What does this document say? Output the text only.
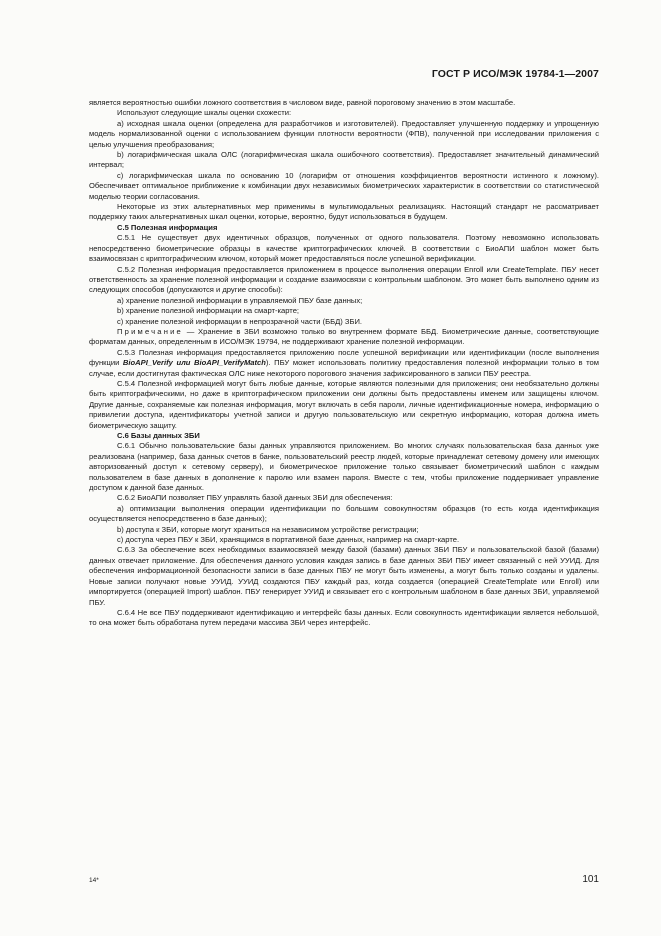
ГОСТ Р ИСО/МЭК 19784-1—2007

является вероятностью ошибки ложного соответствия в числовом виде, равной пороговому значению в этом масштабе.

Используют следующие шкалы оценки схожести:

а) исходная шкала оценки (определена для разработчиков и изготовителей). Предоставляет улучшенную поддержку и упрощенную модель нормализованной оценки с использованием функции плотности вероятности (ФПВ), полученной при исследовании приложения с целью улучшения преобразования;

b) логарифмическая шкала ОЛС (логарифмическая шкала ошибочного соответствия). Предоставляет значительный динамический интервал;

с) логарифмическая шкала по основанию 10 (логарифм от отношения коэффициентов вероятности истинного к ложному). Обеспечивает оптимальное приближение к комбинации двух независимых биометрических характеристик в соответствии со статистической моделью теории согласования.

Некоторые из этих альтернативных мер применимы в мультимодальных реализациях. Настоящий стандарт не рассматривает поддержку таких альтернативных шкал оценки, которые, вероятно, будут использоваться в будущем.

С.5 Полезная информация

С.5.1 Не существует двух идентичных образцов, полученных от одного пользователя. Поэтому невозможно использовать непосредственно биометрические образцы в качестве криптографических ключей. В соответствии с БиоАПИ шаблон может быть взаимосвязан с криптографическим ключом, который может предоставляться после успешной верификации.

С.5.2 Полезная информация предоставляется приложением в процессе выполнения операции Enroll или CreateTemplate. ПБУ несет ответственность за хранение полезной информации и создание взаимосвязи с контрольным шаблоном. Это может быть выполнено одним из следующих способов (допускаются и другие способы):

а) хранение полезной информации в управляемой ПБУ базе данных;

b) хранение полезной информации на смарт-карте;

с) хранение полезной информации в непрозрачной части (ББД) ЗБИ.

Примечание — Хранение в ЗБИ возможно только во внутреннем формате ББД. Биометрические данные, соответствующие форматам данных, определенным в ИСО/МЭК 19794, не поддерживают хранение полезной информации.

С.5.3 Полезная информация предоставляется приложению после успешной верификации или идентификации (после выполнения функции BioAPI_Verify или BioAPI_VerifyMatch). ПБУ может использовать политику предоставления полезной информации только в том случае, если достигнутая фактическая ОЛС ниже некоторого порогового значения зафиксированного в записи ПБУ реестра.

С.5.4 Полезной информацией могут быть любые данные, которые являются полезными для приложения; они необязательно должны быть криптографическими, но даже в криптографическом приложении они должны быть предоставлены именем или защищены ключом. Другие данные, сохраняемые как полезная информация, могут включать в себя пароли, личные идентификационные номера, информацию о привилегии доступа, идентификаторы учетной записи и другую пользовательскую или секретную информацию, которая должна иметь биометрическую защиту.

С.6 Базы данных ЗБИ

С.6.1 Обычно пользовательские базы данных управляются приложением. Во многих случаях пользовательская база данных уже реализована (например, база данных счетов в банке, пользовательский реестр людей, которые принадлежат сетевому домену или имеющих авторизованный доступ к сетевому серверу), и биометрическое приложение только связывает биометрический шаблон с каждым пользователем в базе данных в дополнение к паролю или взамен пароля. Вместе с тем, чтобы приложение поддерживает управление доступом к данной базе данных.

С.6.2 БиоАПИ позволяет ПБУ управлять базой данных ЗБИ для обеспечения:

а) оптимизации выполнения операции идентификации по большим совокупностям образцов (то есть когда идентификация осуществляется непосредственно в базе данных);

b) доступа к ЗБИ, которые могут храниться на независимом устройстве регистрации;

с) доступа через ПБУ к ЗБИ, хранящимся в портативной базе данных, например на смарт-карте.

С.6.3 За обеспечение всех необходимых взаимосвязей между базой (базами) данных ЗБИ ПБУ и пользовательской базой (базами) данных отвечает приложение. Для обеспечения данного условия каждая запись в базе данных ЗБИ ПБУ имеет связанный с ней УУИД. Для обеспечения информационной безопасности записи в базе данных ПБУ не могут быть изменены, а могут быть только созданы и удалены. Новые записи получают новые УУИД. УУИД создаются ПБУ каждый раз, когда создается (операцией CreateTemplate или Enroll) или импортируется (операцией Import) шаблон. ПБУ генерирует УУИД и связывает его с контрольным шаблоном в базе данных ЗБИ, управляемой ПБУ.

С.6.4 Не все ПБУ поддерживают идентификацию и интерфейс базы данных. Если совокупность идентификации является небольшой, то она может быть обработана путем передачи массива ЗБИ через интерфейс.

14*	101
